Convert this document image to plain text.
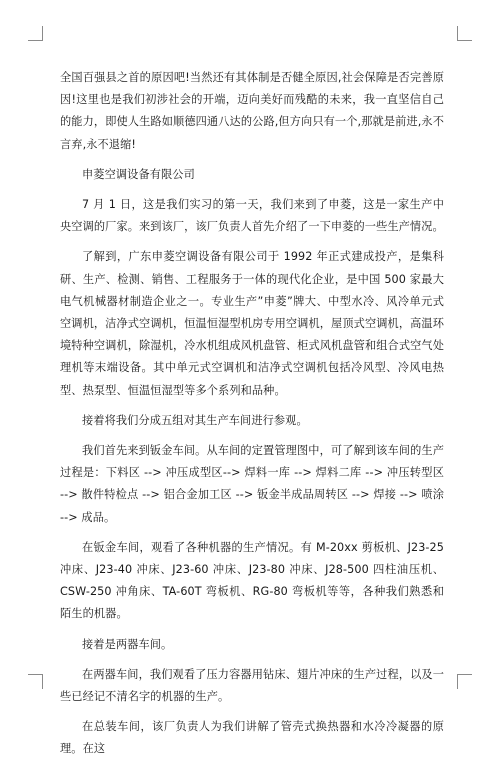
全国百强县之首的原因吧!当然还有其体制是否健全原因,社会保障是否完善原因!这里也是我们初涉社会的开端，迈向美好而残酷的未来，我一直坚信自己的能力，即使人生路如顺德四通八达的公路,但方向只有一个,那就是前进,永不言弃,永不退缩!

申菱空调设备有限公司

7 月 1 日，这是我们实习的第一天，我们来到了申菱，这是一家生产中央空调的厂家。来到该厂，该厂负责人首先介绍了一下申菱的一些生产情况。

了解到，广东申菱空调设备有限公司于 1992 年正式建成投产，是集科研、生产、检测、销售、工程服务于一体的现代化企业，是中国 500 家最大电气机械器材制造企业之一。专业生产”申菱”牌大、中型水冷、风冷单元式空调机，洁净式空调机，恒温恒湿型机房专用空调机，屋顶式空调机，高温环境特种空调机，除湿机，冷水机组成风机盘管、柜式风机盘管和组合式空气处理机等末端设备。其中单元式空调机和洁净式空调机包括冷风型、冷风电热型、热泵型、恒温恒湿型等多个系列和品种。

接着将我们分成五组对其生产车间进行参观。

我们首先来到钣金车间。从车间的定置管理图中，可了解到该车间的生产过程是：下料区 --> 冲压成型区--> 焊料一库 --> 焊料二库 --> 冲压转型区 --> 散件特检点 --> 铝合金加工区 --> 钣金半成品周转区 --> 焊接 --> 喷涂 --> 成品。

在钣金车间，观看了各种机器的生产情况。有 M-20xx 剪板机、J23-25 冲床、J23-40 冲床、J23-60 冲床、J23-80 冲床、J28-500 四柱油压机、CSW-250 冲角床、TA-60T 弯板机、RG-80 弯板机等等，各种我们熟悉和陌生的机器。

接着是两器车间。

在两器车间，我们观看了压力容器用钻床、翅片冲床的生产过程，以及一些已经记不清名字的机器的生产。

在总装车间，该厂负责人为我们讲解了管壳式换热器和水冷冷凝器的原理。在这
